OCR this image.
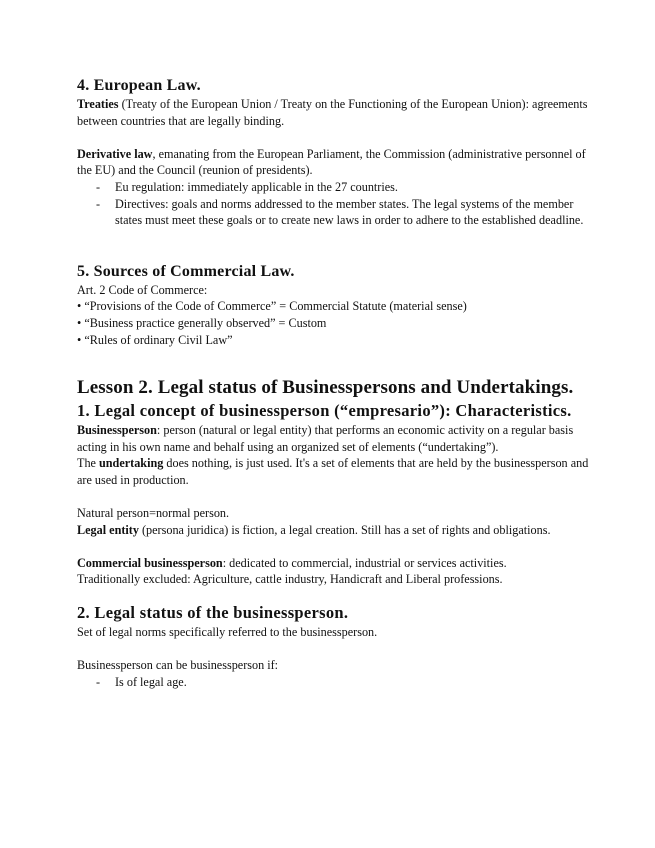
4. European Law.

Treaties (Treaty of the European Union / Treaty on the Functioning of the European Union): agreements between countries that are legally binding.

Derivative law, emanating from the European Parliament, the Commission (administrative personnel of the EU) and the Council (reunion of presidents).

- Eu regulation: immediately applicable in the 27 countries.
- Directives: goals and norms addressed to the member states. The legal systems of the member states must meet these goals or to create new laws in order to adhere to the established deadline.
5. Sources of Commercial Law.

Art. 2 Code of Commerce:

• “Provisions of the Code of Commerce” = Commercial Statute (material sense)

• “Business practice generally observed” = Custom

• “Rules of ordinary Civil Law”

Lesson 2. Legal status of Businesspersons and Undertakings.
1. Legal concept of businessperson (“empresario”): Characteristics.

Businessperson: person (natural or legal entity) that performs an economic activity on a regular basis acting in his own name and behalf using an organized set of elements (“undertaking”).

The undertaking does nothing, is just used. It's a set of elements that are held by the businessperson and are used in production.

Natural person=normal person.

Legal entity (persona juridica) is fiction, a legal creation. Still has a set of rights and obligations.

Commercial businessperson: dedicated to commercial, industrial or services activities.

Traditionally excluded: Agriculture, cattle industry, Handicraft and Liberal professions.

2. Legal status of the businessperson.

Set of legal norms specifically referred to the businessperson.

Businessperson can be businessperson if:

- Is of legal age.
